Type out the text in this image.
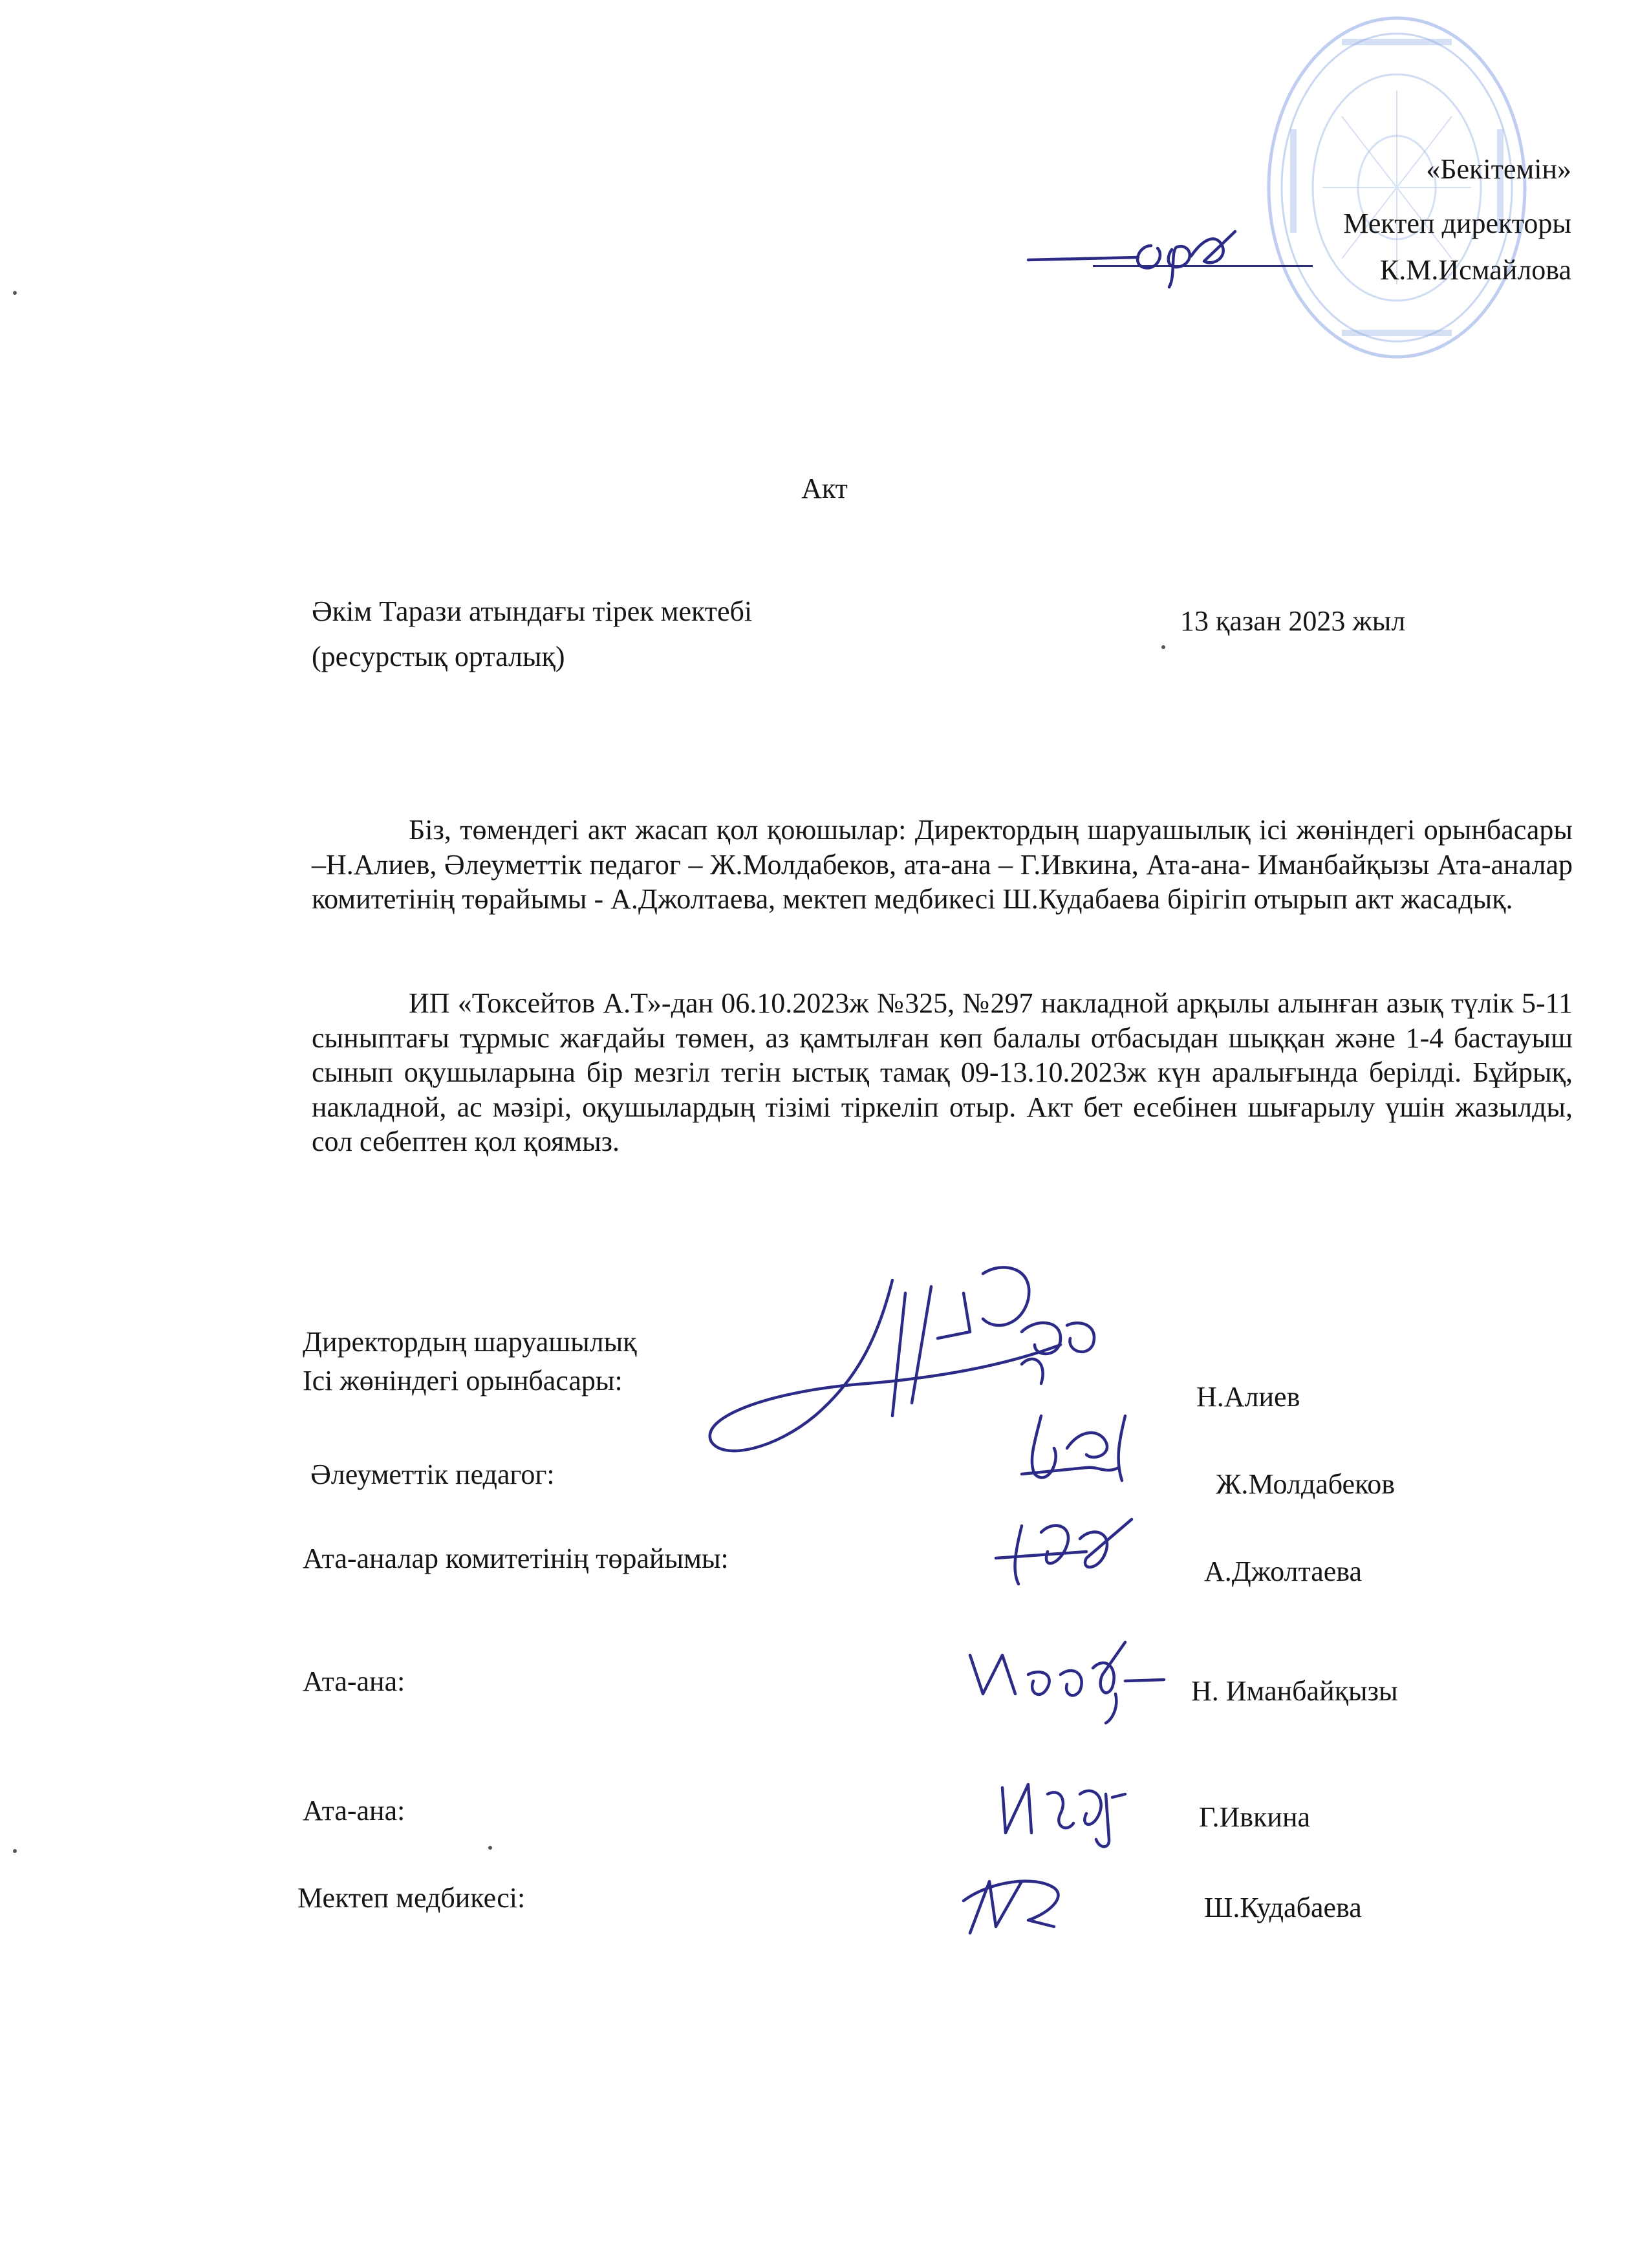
«Бекітемін»
Мектеп директоры
К.М.Исмайлова
Акт
Әкім Тарази атындағы тірек мектебі
(ресурстық орталық)
13 қазан 2023 жыл
Біз, төмендегі акт жасап қол қоюшылар: Директордың шаруашылық ісі жөніндегі орынбасары –Н.Алиев, Әлеуметтік педагог – Ж.Молдабеков, ата-ана – Г.Ивкина, Ата-ана- Иманбайқызы Ата-аналар комитетінің төрайымы - А.Джолтаева, мектеп медбикесі Ш.Кудабаева бірігіп отырып акт жасадық.
ИП «Токсейтов А.Т»-дан 06.10.2023ж №325, №297 накладной арқылы алынған азық түлік 5-11 сыныптағы тұрмыс жағдайы төмен, аз қамтылған көп балалы отбасыдан шыққан және 1-4 бастауыш сынып оқушыларына бір мезгіл тегін ыстық тамақ 09-13.10.2023ж күн аралығында берілді. Бұйрық, накладной, ас мәзірі, оқушылардың тізімі тіркеліп отыр. Акт бет есебінен шығарылу үшін жазылды, сол себептен қол қоямыз.
Директордың шаруашылық
Ісі жөніндегі орынбасары:
Н.Алиев
Әлеуметтік педагог:	Ж.Молдабеков
Ата-аналар комитетінің төрайымы:	А.Джолтаева
Ата-ана:	Н. Иманбайқызы
Ата-ана:	Г.Ивкина
Мектеп медбикесі:	Ш.Кудабаева
